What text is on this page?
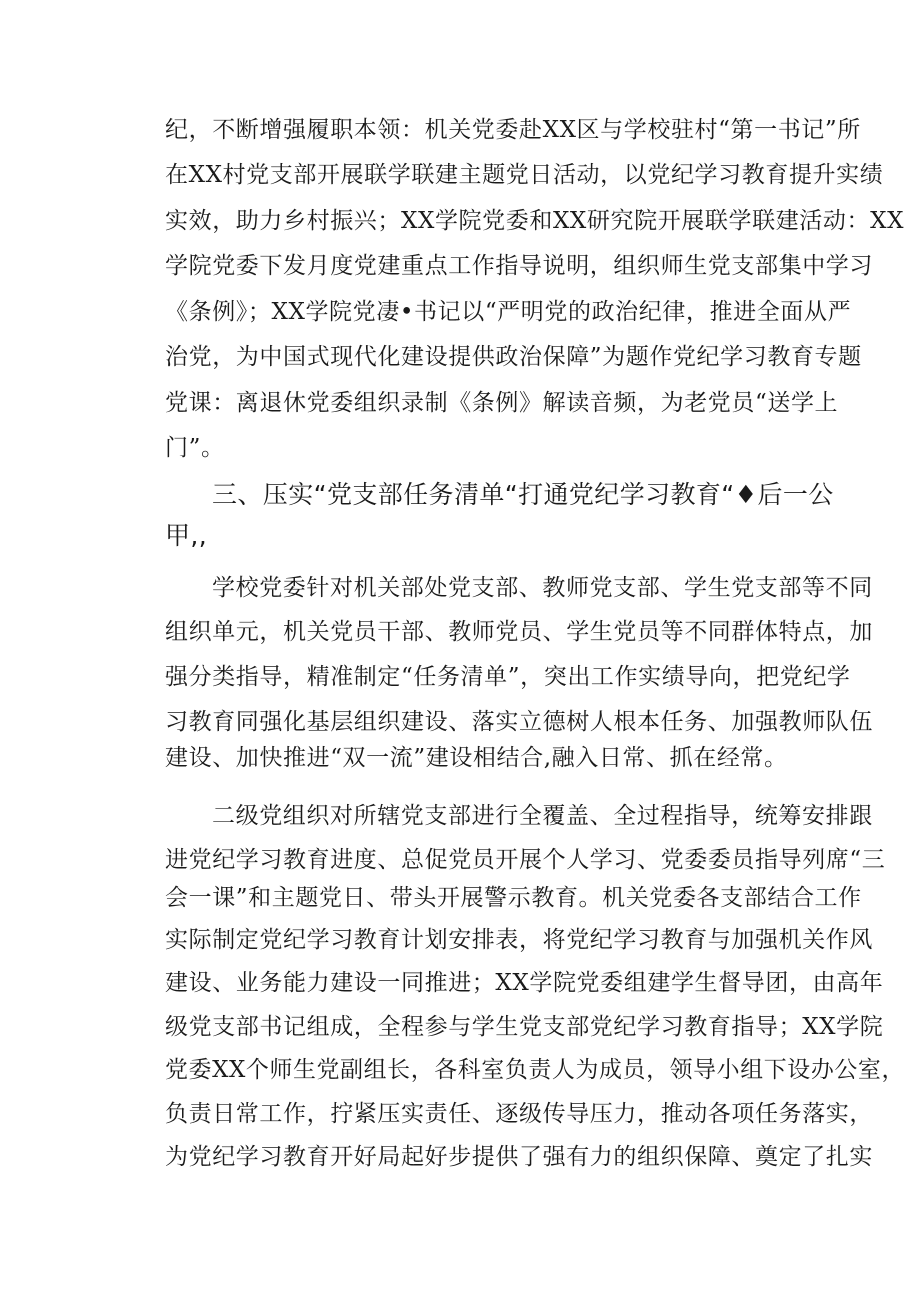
纪，不断增强履职本领：机关党委赴XX区与学校驻村“第一书记”所
在XX村党支部开展联学联建主题党日活动，以党纪学习教育提升实绩
实效，助力乡村振兴；XX学院党委和XX研究院开展联学联建活动：XX
学院党委下发月度党建重点工作指导说明，组织师生党支部集中学习
《条例》；XX学院党凄•书记以“严明党的政治纪律，推进全面从严
治党，为中国式现代化建设提供政治保障”为题作党纪学习教育专题
党课：离退休党委组织录制《条例》解读音频，为老党员“送学上
门”。
三、压实“党支部任务清单“打通党纪学习教育“♦后一公
甲,,
学校党委针对机关部处党支部、教师党支部、学生党支部等不同
组织单元，机关党员干部、教师党员、学生党员等不同群体特点，加
强分类指导，精准制定“任务清单”，突出工作实绩导向，把党纪学
习教育同强化基层组织建设、落实立德树人根本任务、加强教师队伍
建设、加快推进“双一流”建设相结合,融入日常、抓在经常。
二级党组织对所辖党支部进行全覆盖、全过程指导，统筹安排跟
进党纪学习教育进度、总促党员开展个人学习、党委委员指导列席“三
会一课”和主题党日、带头开展警示教育。机关党委各支部结合工作
实际制定党纪学习教育计划安排表，将党纪学习教育与加强机关作风
建设、业务能力建设一同推进；XX学院党委组建学生督导团，由高年
级党支部书记组成，全程参与学生党支部党纪学习教育指导；XX学院
党委XX个师生党副组长，各科室负责人为成员，领导小组下设办公室，
负责日常工作，拧紧压实责任、逐级传导压力，推动各项任务落实，
为党纪学习教育开好局起好步提供了强有力的组织保障、奠定了扎实
